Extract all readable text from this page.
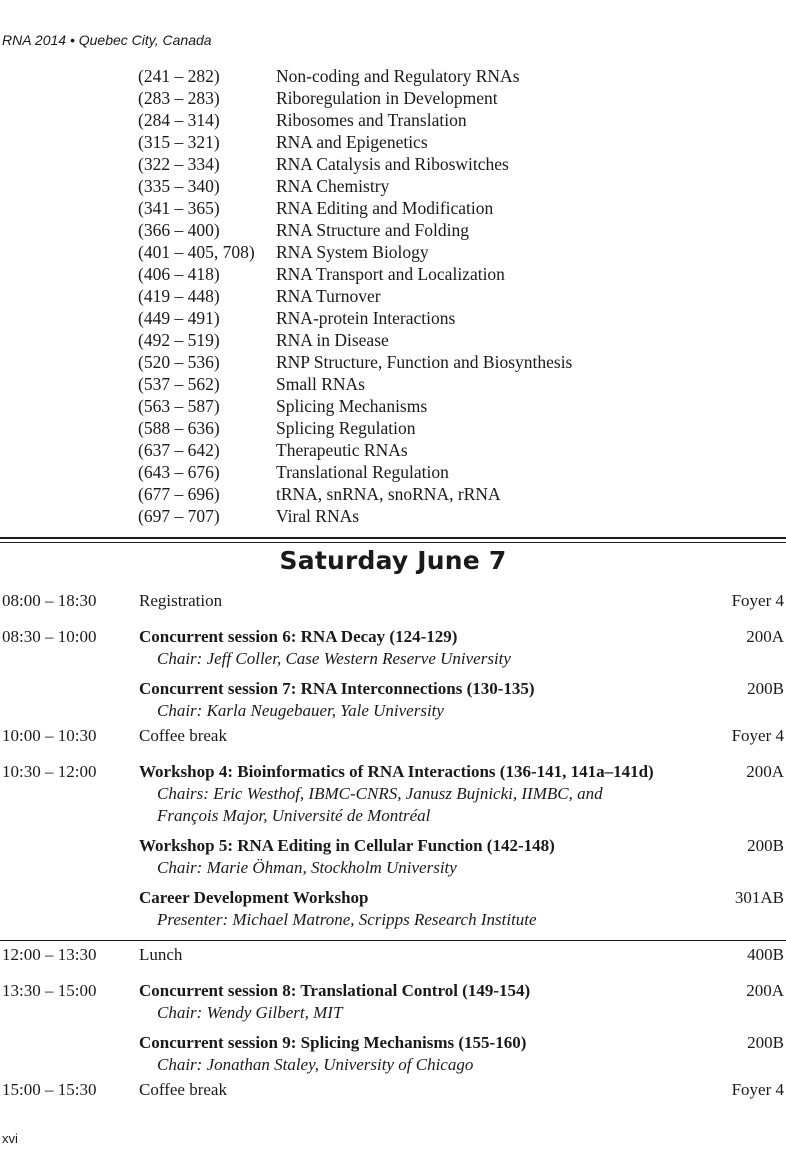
RNA 2014 • Quebec City, Canada
(241 – 282)	Non-coding and Regulatory RNAs
(283 – 283)	Riboregulation in Development
(284 – 314)	Ribosomes and Translation
(315 – 321)	RNA and Epigenetics
(322 – 334)	RNA Catalysis and Riboswitches
(335 – 340)	RNA Chemistry
(341 – 365)	RNA Editing and Modification
(366 – 400)	RNA Structure and Folding
(401 – 405, 708) RNA System Biology
(406 – 418)	RNA Transport and Localization
(419 – 448)	RNA Turnover
(449 – 491)	RNA-protein Interactions
(492 – 519)	RNA in Disease
(520 – 536)	RNP Structure, Function and Biosynthesis
(537 – 562)	Small RNAs
(563 – 587)	Splicing Mechanisms
(588 – 636)	Splicing Regulation
(637 – 642)	Therapeutic RNAs
(643 – 676)	Translational Regulation
(677 – 696)	tRNA, snRNA, snoRNA, rRNA
(697 – 707)	Viral RNAs
Saturday June 7
08:00 – 18:30	Registration	Foyer 4
08:30 – 10:00	Concurrent session 6: RNA Decay (124-129)	200A
Chair: Jeff Coller, Case Western Reserve University
Concurrent session 7: RNA Interconnections (130-135)	200B
Chair: Karla Neugebauer, Yale University
10:00 – 10:30	Coffee break	Foyer 4
10:30 – 12:00	Workshop 4: Bioinformatics of RNA Interactions (136-141, 141a–141d)	200A
Chairs: Eric Westhof, IBMC-CNRS, Janusz Bujnicki, IIMBC, and
François Major, Université de Montréal
Workshop 5: RNA Editing in Cellular Function (142-148)	200B
Chair: Marie Öhman, Stockholm University
Career Development Workshop	301AB
Presenter: Michael Matrone, Scripps Research Institute
12:00 – 13:30	Lunch	400B
13:30 – 15:00	Concurrent session 8: Translational Control (149-154)	200A
Chair: Wendy Gilbert, MIT
Concurrent session 9: Splicing Mechanisms (155-160)	200B
Chair: Jonathan Staley, University of Chicago
15:00 – 15:30	Coffee break	Foyer 4
xvi
